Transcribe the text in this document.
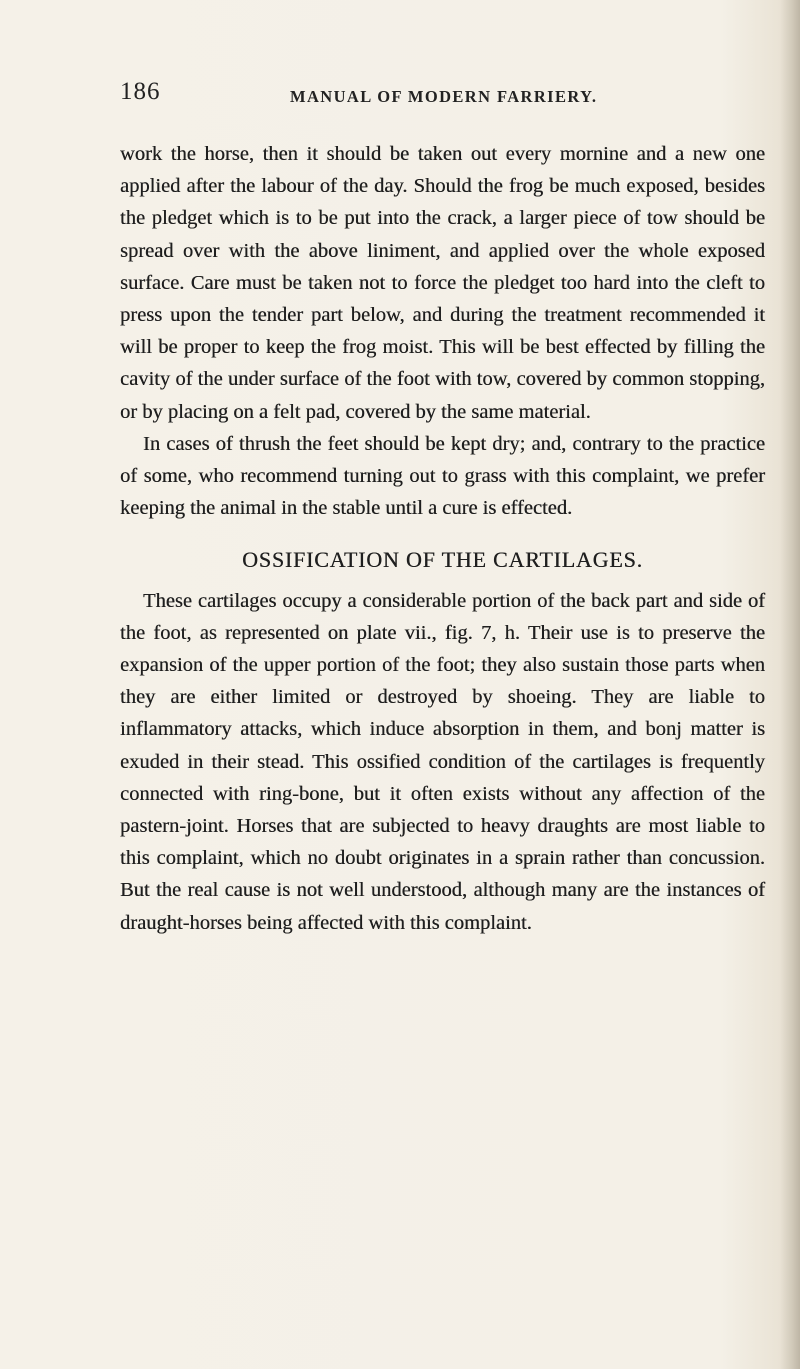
186	MANUAL OF MODERN FARRIERY.

work the horse, then it should be taken out every mornine and a new one applied after the labour of the day. Should the frog be much exposed, besides the pledget which is to be put into the crack, a larger piece of tow should be spread over with the above liniment, and applied over the whole exposed surface. Care must be taken not to force the pledget too hard into the cleft to press upon the tender part below, and during the treatment recommended it will be proper to keep the frog moist. This will be best effected by filling the cavity of the under surface of the foot with tow, covered by common stopping, or by placing on a felt pad, covered by the same material.

In cases of thrush the feet should be kept dry; and, contrary to the practice of some, who recommend turning out to grass with this complaint, we prefer keeping the animal in the stable until a cure is effected.

OSSIFICATION OF THE CARTILAGES.

These cartilages occupy a considerable portion of the back part and side of the foot, as represented on plate vii., fig. 7, h. Their use is to preserve the expansion of the upper portion of the foot; they also sustain those parts when they are either limited or destroyed by shoeing. They are liable to inflammatory attacks, which induce absorption in them, and bonj matter is exuded in their stead. This ossified condition of the cartilages is frequently connected with ring-bone, but it often exists without any affection of the pastern-joint. Horses that are subjected to heavy draughts are most liable to this complaint, which no doubt originates in a sprain rather than concussion. But the real cause is not well understood, although many are the instances of draught-horses being affected with this complaint.
